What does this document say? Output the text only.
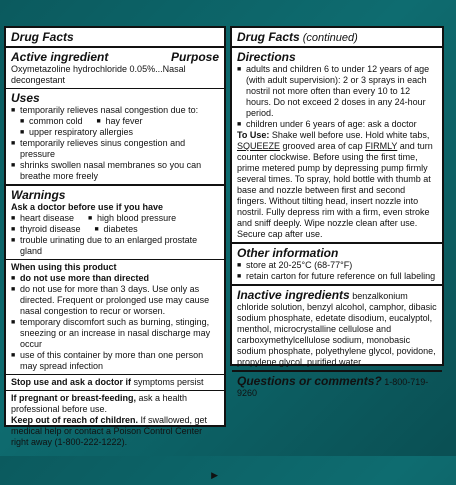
Drug Facts
Active ingredient	Purpose
Oxymetazoline hydrochloride 0.05%...Nasal decongestant
Uses
■ temporarily relieves nasal congestion due to:
■ common cold	■ hay fever
■ upper respiratory allergies
■ temporarily relieves sinus congestion and pressure
■ shrinks swollen nasal membranes so you can breathe more freely
Warnings
Ask a doctor before use if you have
■ heart disease	■ high blood pressure
■ thyroid disease	■ diabetes
■ trouble urinating due to an enlarged prostate gland
When using this product
■ do not use more than directed
■ do not use for more than 3 days. Use only as directed. Frequent or prolonged use may cause nasal congestion to recur or worsen.
■ temporary discomfort such as burning, stinging, sneezing or an increase in nasal discharge may occur
■ use of this container by more than one person may spread infection
Stop use and ask a doctor if symptoms persist
If pregnant or breast-feeding, ask a health professional before use.
Keep out of reach of children. If swallowed, get medical help or contact a Poison Control Center right away (1-800-222-1222).
▶
Drug Facts (continued)
Directions
■ adults and children 6 to under 12 years of age (with adult supervision): 2 or 3 sprays in each nostril not more often than every 10 to 12 hours. Do not exceed 2 doses in any 24-hour period.
■ children under 6 years of age: ask a doctor
To Use: Shake well before use. Hold white tabs, SQUEEZE grooved area of cap FIRMLY and turn counter clockwise. Before using the first time, prime metered pump by depressing pump firmly several times. To spray, hold bottle with thumb at base and nozzle between first and second fingers. Without tilting head, insert nozzle into nostril. Fully depress rim with a firm, even stroke and sniff deeply. Wipe nozzle clean after use. Secure cap after use.
Other information
■ store at 20-25°C (68-77°F)
■ retain carton for future reference on full labeling
Inactive ingredients benzalkonium chloride solution, benzyl alcohol, camphor, dibasic sodium phosphate, edetate disodium, eucalyptol, menthol, microcrystalline cellulose and carboxymethylcellulose sodium, monobasic sodium phosphate, polyethylene glycol, povidone, propylene glycol, purified water
Questions or comments? 1-800-719-9260
